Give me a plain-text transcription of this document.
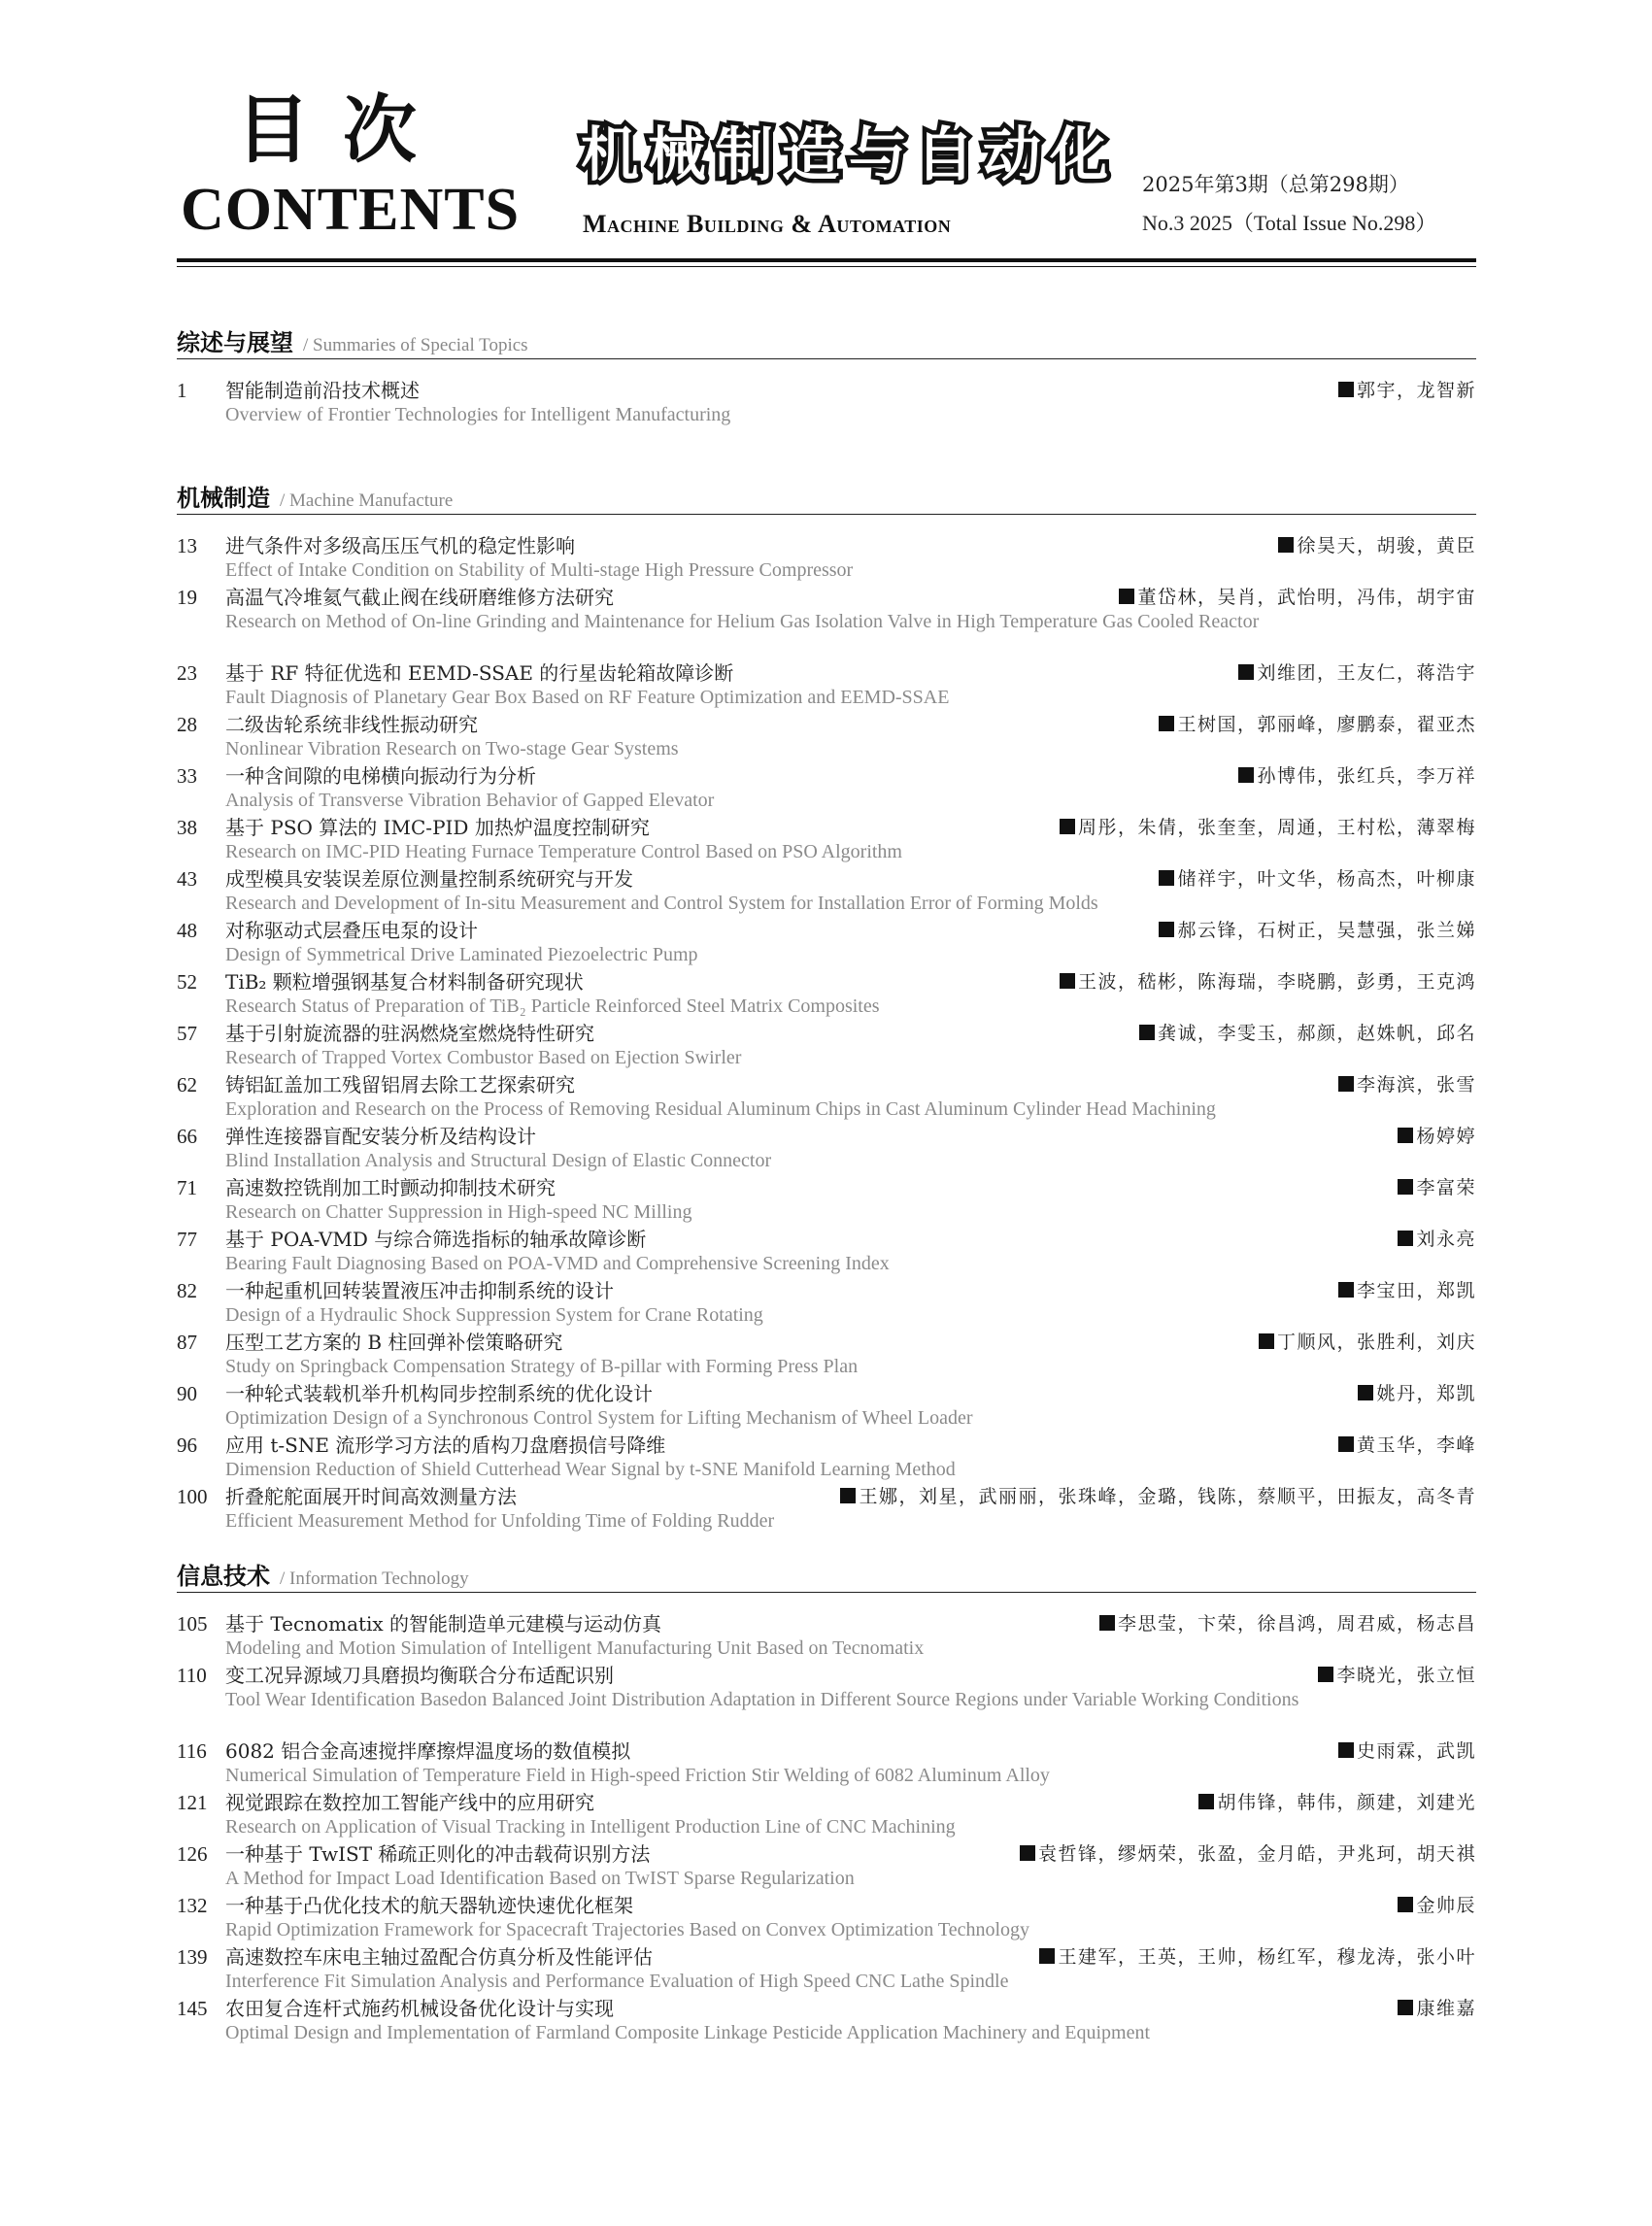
目次
CONTENTS
机械制造与自动化
Machine Building & Automation
2025年第3期（总第298期）
No.3 2025（Total Issue No.298）
综述与展望 / Summaries of Special Topics
1 智能制造前沿技术概述	郭宇，龙智新
Overview of Frontier Technologies for Intelligent Manufacturing
机械制造 / Machine Manufacture
13 进气条件对多级高压压气机的稳定性影响	徐昊天，胡骏，黄臣
Effect of Intake Condition on Stability of Multi-stage High Pressure Compressor
19 高温气冷堆氦气截止阀在线研磨维修方法研究	董岱林，吴肖，武怡明，冯伟，胡宇宙
Research on Method of On-line Grinding and Maintenance for Helium Gas Isolation Valve in High Temperature Gas Cooled Reactor
23 基于 RF 特征优选和 EEMD-SSAE 的行星齿轮箱故障诊断	刘维团，王友仁，蒋浩宇
Fault Diagnosis of Planetary Gear Box Based on RF Feature Optimization and EEMD-SSAE
28 二级齿轮系统非线性振动研究	王树国，郭丽峰，廖鹏泰，翟亚杰
Nonlinear Vibration Research on Two-stage Gear Systems
33 一种含间隙的电梯横向振动行为分析	孙博伟，张红兵，李万祥
Analysis of Transverse Vibration Behavior of Gapped Elevator
38 基于 PSO 算法的 IMC-PID 加热炉温度控制研究	周彤，朱倩，张奎奎，周通，王村松，薄翠梅
Research on IMC-PID Heating Furnace Temperature Control Based on PSO Algorithm
43 成型模具安装误差原位测量控制系统研究与开发	储祥宇，叶文华，杨高杰，叶柳康
Research and Development of In-situ Measurement and Control System for Installation Error of Forming Molds
48 对称驱动式层叠压电泵的设计	郝云锋，石树正，吴慧强，张兰娣
Design of Symmetrical Drive Laminated Piezoelectric Pump
52 TiB₂ 颗粒增强钢基复合材料制备研究现状	王波，嵇彬，陈海瑞，李晓鹏，彭勇，王克鸿
Research Status of Preparation of TiB₂ Particle Reinforced Steel Matrix Composites
57 基于引射旋流器的驻涡燃烧室燃烧特性研究	龚诚，李雯玉，郝颜，赵姝帆，邱名
Research of Trapped Vortex Combustor Based on Ejection Swirler
62 铸铝缸盖加工残留铝屑去除工艺探索研究	李海滨，张雪
Exploration and Research on the Process of Removing Residual Aluminum Chips in Cast Aluminum Cylinder Head Machining
66 弹性连接器盲配安装分析及结构设计	杨婷婷
Blind Installation Analysis and Structural Design of Elastic Connector
71 高速数控铣削加工时颤动抑制技术研究	李富荣
Research on Chatter Suppression in High-speed NC Milling
77 基于 POA-VMD 与综合筛选指标的轴承故障诊断	刘永亮
Bearing Fault Diagnosing Based on POA-VMD and Comprehensive Screening Index
82 一种起重机回转装置液压冲击抑制系统的设计	李宝田，郑凯
Design of a Hydraulic Shock Suppression System for Crane Rotating
87 压型工艺方案的 B 柱回弹补偿策略研究	丁顺风，张胜利，刘庆
Study on Springback Compensation Strategy of B-pillar with Forming Press Plan
90 一种轮式装载机举升机构同步控制系统的优化设计	姚丹，郑凯
Optimization Design of a Synchronous Control System for Lifting Mechanism of Wheel Loader
96 应用 t-SNE 流形学习方法的盾构刀盘磨损信号降维	黄玉华，李峰
Dimension Reduction of Shield Cutterhead Wear Signal by t-SNE Manifold Learning Method
100 折叠舵舵面展开时间高效测量方法	王娜，刘星，武丽丽，张珠峰，金璐，钱陈，蔡顺平，田振友，高冬青
Efficient Measurement Method for Unfolding Time of Folding Rudder
信息技术 / Information Technology
105 基于 Tecnomatix 的智能制造单元建模与运动仿真	李思莹，卞荣，徐昌鸿，周君威，杨志昌
Modeling and Motion Simulation of Intelligent Manufacturing Unit Based on Tecnomatix
110 变工况异源域刀具磨损均衡联合分布适配识别	李晓光，张立恒
Tool Wear Identification Basedon Balanced Joint Distribution Adaptation in Different Source Regions under Variable Working Conditions
116 6082 铝合金高速搅拌摩擦焊温度场的数值模拟	史雨霖，武凯
Numerical Simulation of Temperature Field in High-speed Friction Stir Welding of 6082 Aluminum Alloy
121 视觉跟踪在数控加工智能产线中的应用研究	胡伟锋，韩伟，颜建，刘建光
Research on Application of Visual Tracking in Intelligent Production Line of CNC Machining
126 一种基于 TwIST 稀疏正则化的冲击载荷识别方法	袁哲锋，缪炳荣，张盈，金月皓，尹兆珂，胡天祺
A Method for Impact Load Identification Based on TwIST Sparse Regularization
132 一种基于凸优化技术的航天器轨迹快速优化框架	金帅辰
Rapid Optimization Framework for Spacecraft Trajectories Based on Convex Optimization Technology
139 高速数控车床电主轴过盈配合仿真分析及性能评估	王建军，王英，王帅，杨红军，穆龙涛，张小叶
Interference Fit Simulation Analysis and Performance Evaluation of High Speed CNC Lathe Spindle
145 农田复合连杆式施药机械设备优化设计与实现	康维嘉
Optimal Design and Implementation of Farmland Composite Linkage Pesticide Application Machinery and Equipment
